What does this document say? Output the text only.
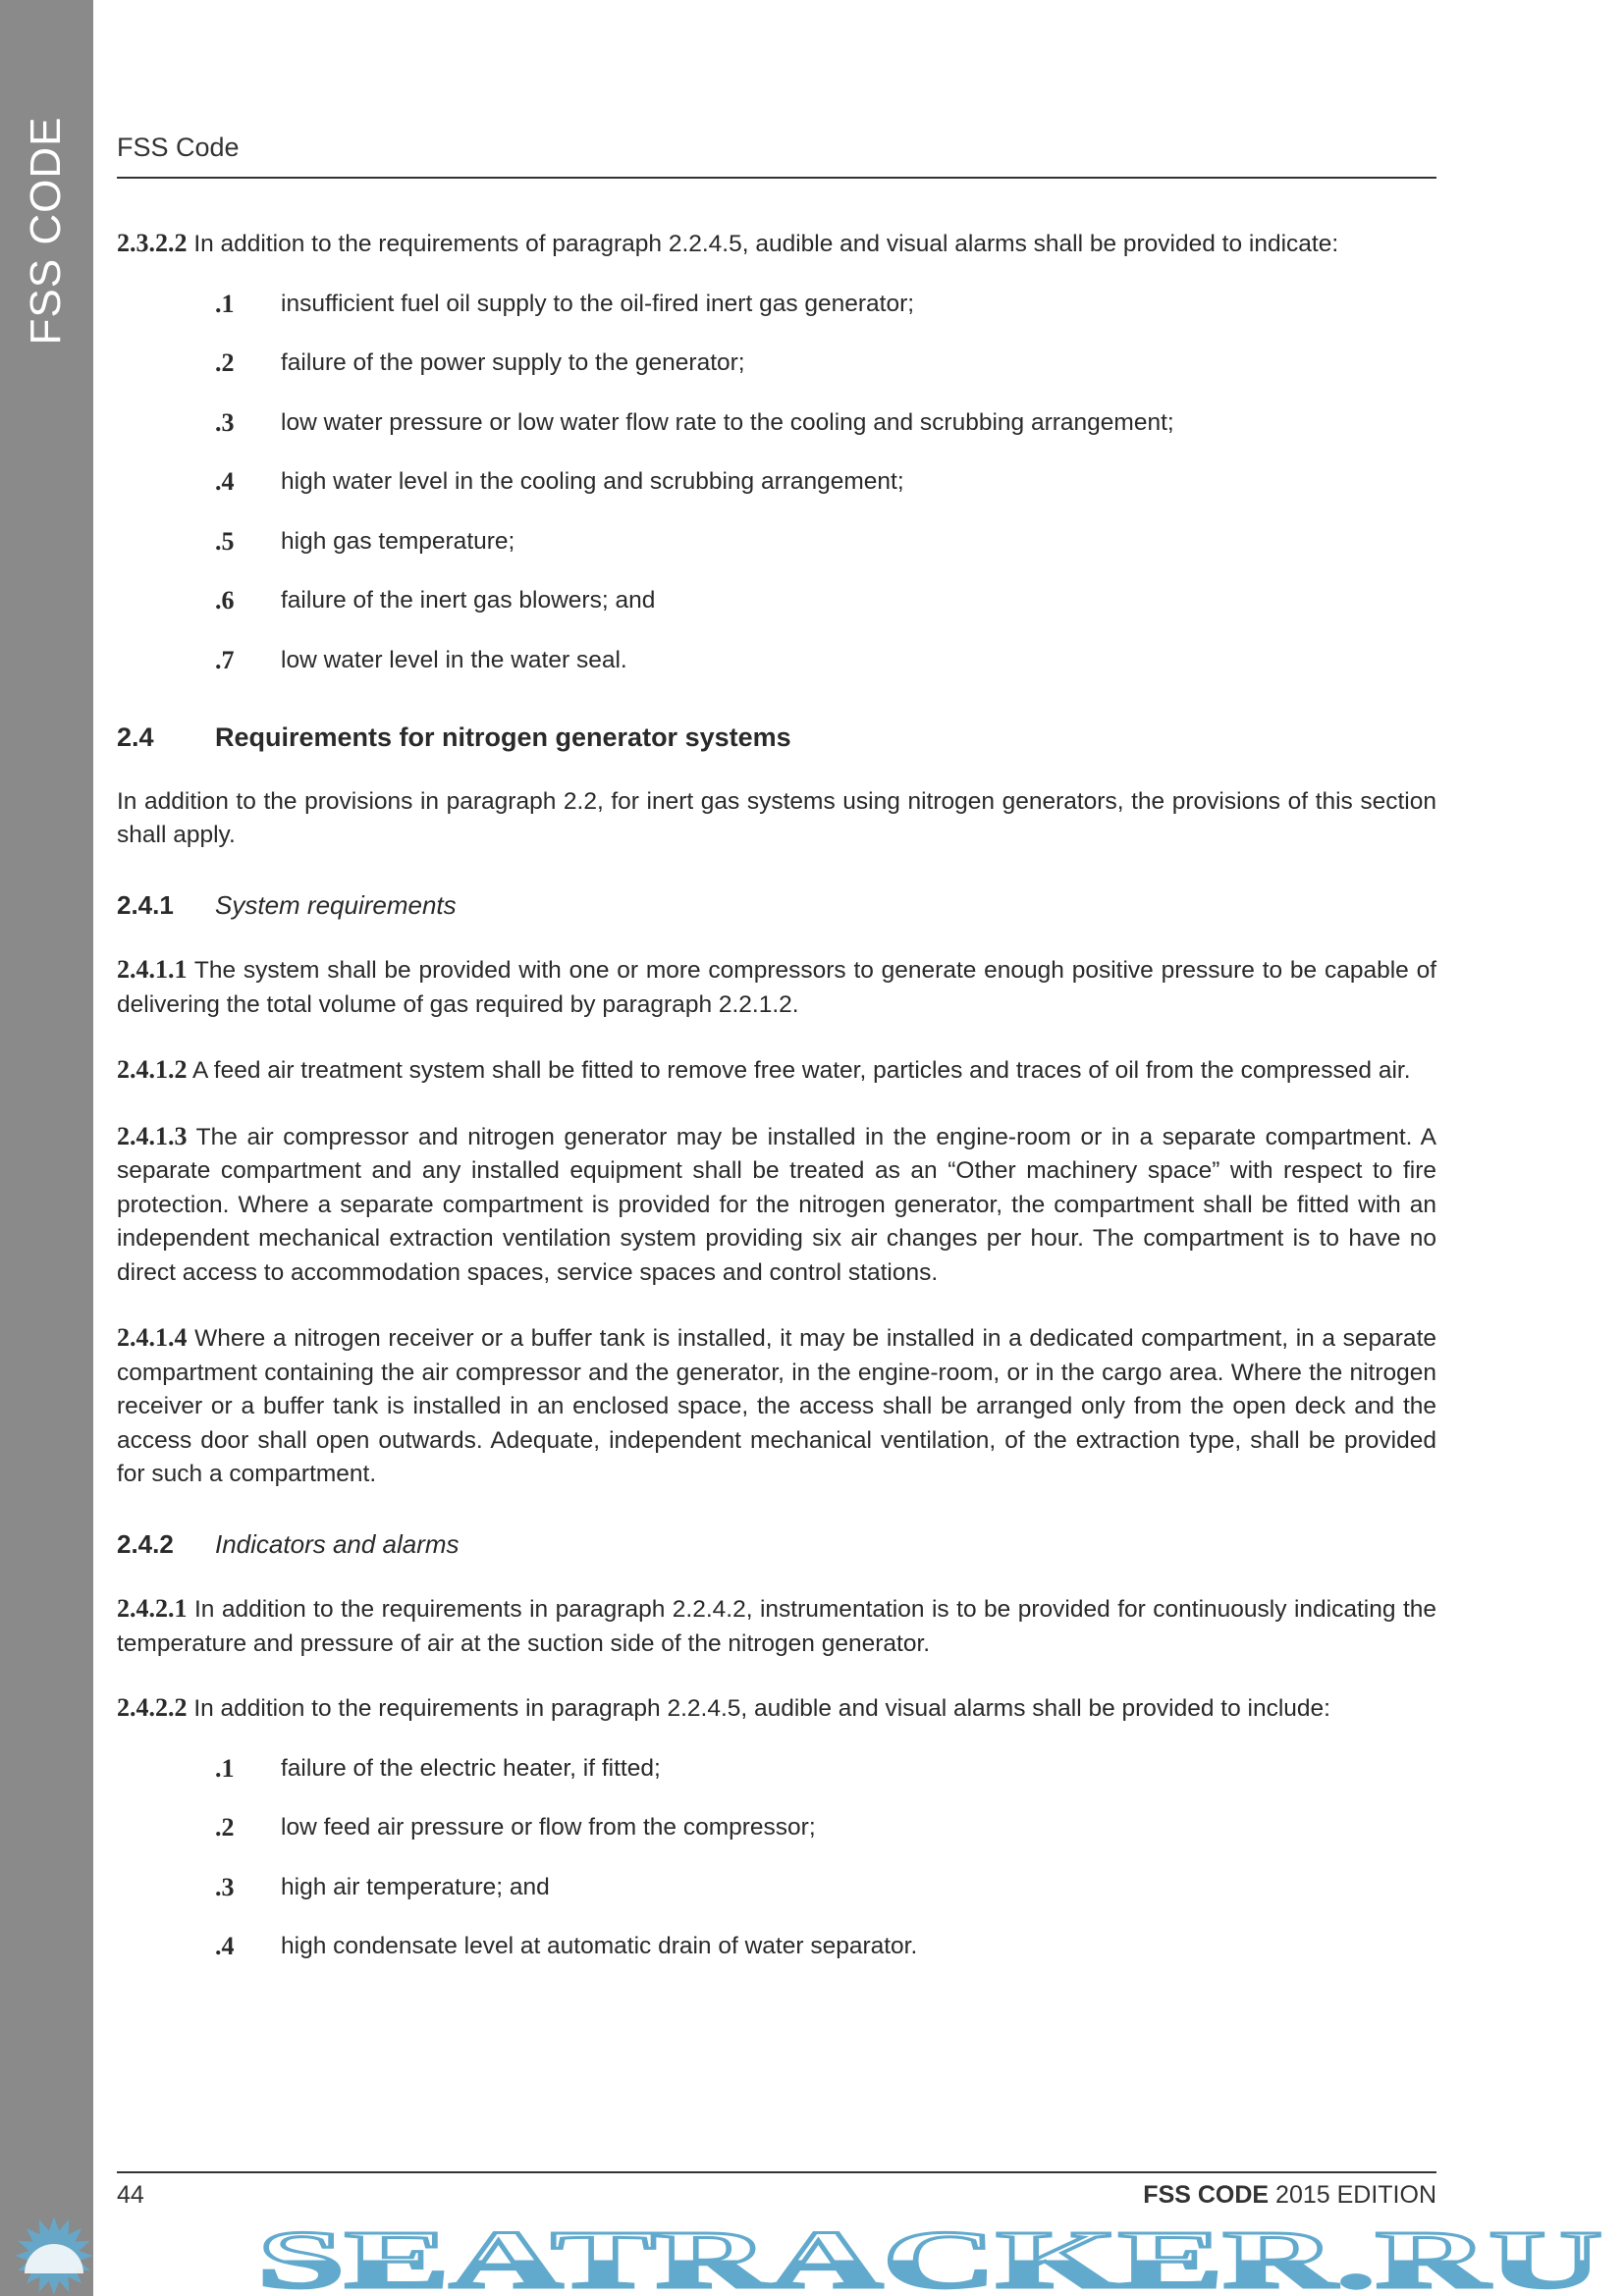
FSS CODE FSS Code
2.3.2.2 In addition to the requirements of paragraph 2.2.4.5, audible and visual alarms shall be provided to indicate:
.1 insufficient fuel oil supply to the oil-fired inert gas generator;
.2 failure of the power supply to the generator;
.3 low water pressure or low water flow rate to the cooling and scrubbing arrangement;
.4 high water level in the cooling and scrubbing arrangement;
.5 high gas temperature;
.6 failure of the inert gas blowers; and
.7 low water level in the water seal.
2.4 Requirements for nitrogen generator systems
In addition to the provisions in paragraph 2.2, for inert gas systems using nitrogen generators, the provisions of this section shall apply.
2.4.1 System requirements
2.4.1.1 The system shall be provided with one or more compressors to generate enough positive pressure to be capable of delivering the total volume of gas required by paragraph 2.2.1.2.
2.4.1.2 A feed air treatment system shall be fitted to remove free water, particles and traces of oil from the compressed air.
2.4.1.3 The air compressor and nitrogen generator may be installed in the engine-room or in a separate compartment. A separate compartment and any installed equipment shall be treated as an “Other machinery space” with respect to fire protection. Where a separate compartment is provided for the nitrogen generator, the compartment shall be fitted with an independent mechanical extraction ventilation system providing six air changes per hour. The compartment is to have no direct access to accommodation spaces, service spaces and control stations.
2.4.1.4 Where a nitrogen receiver or a buffer tank is installed, it may be installed in a dedicated compartment, in a separate compartment containing the air compressor and the generator, in the engine-room, or in the cargo area. Where the nitrogen receiver or a buffer tank is installed in an enclosed space, the access shall be arranged only from the open deck and the access door shall open outwards. Adequate, independent mechanical ventilation, of the extraction type, shall be provided for such a compartment.
2.4.2 Indicators and alarms
2.4.2.1 In addition to the requirements in paragraph 2.2.4.2, instrumentation is to be provided for continuously indicating the temperature and pressure of air at the suction side of the nitrogen generator.
2.4.2.2 In addition to the requirements in paragraph 2.2.4.5, audible and visual alarms shall be provided to include:
.1 failure of the electric heater, if fitted;
.2 low feed air pressure or flow from the compressor;
.3 high air temperature; and
.4 high condensate level at automatic drain of water separator.
44	FSS CODE 2015 EDITION
SEATRACKER.RU
